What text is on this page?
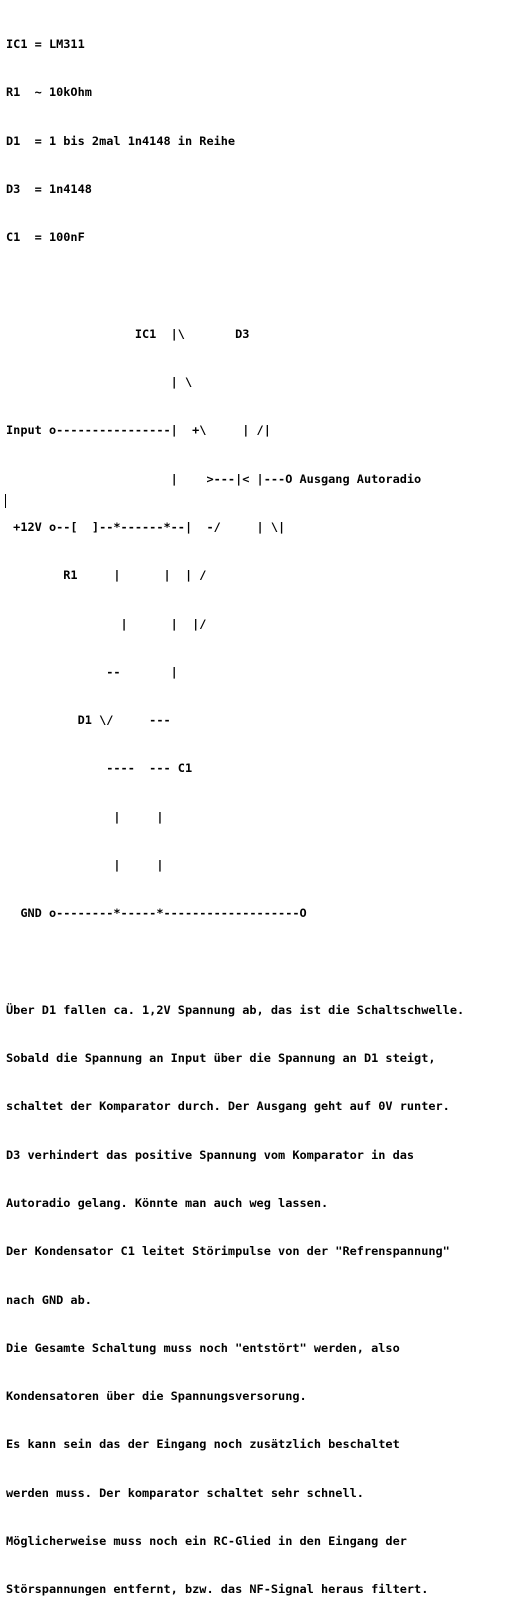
IC1 = LM311

R1  ~ 10kOhm

D1  = 1 bis 2mal 1n4148 in Reihe

D3  = 1n4148

C1  = 100nF

IC1  |\       D3

| \

Input o----------------|  +\     | /|

|    >---|< |---O Ausgang Autoradio

+12V o--[  ]--*------*--|  -/     | \|

R1     |      |  | /

|      |  |/

--       |

D1 \/     ---

----  --- C1

|     |

|     |

GND o--------*-----*-------------------O

Über D1 fallen ca. 1,2V Spannung ab, das ist die Schaltschwelle.

Sobald die Spannung an Input über die Spannung an D1 steigt,

schaltet der Komparator durch. Der Ausgang geht auf 0V runter.

D3 verhindert das positive Spannung vom Komparator in das

Autoradio gelang. Könnte man auch weg lassen.

Der Kondensator C1 leitet Störimpulse von der "Refrenspannung"

nach GND ab.

Die Gesamte Schaltung muss noch "entstört" werden, also

Kondensatoren über die Spannungsversorung.

Es kann sein das der Eingang noch zusätzlich beschaltet

werden muss. Der komparator schaltet sehr schnell.

Möglicherweise muss noch ein RC-Glied in den Eingang der

Störspannungen entfernt, bzw. das NF-Signal heraus filtert.
